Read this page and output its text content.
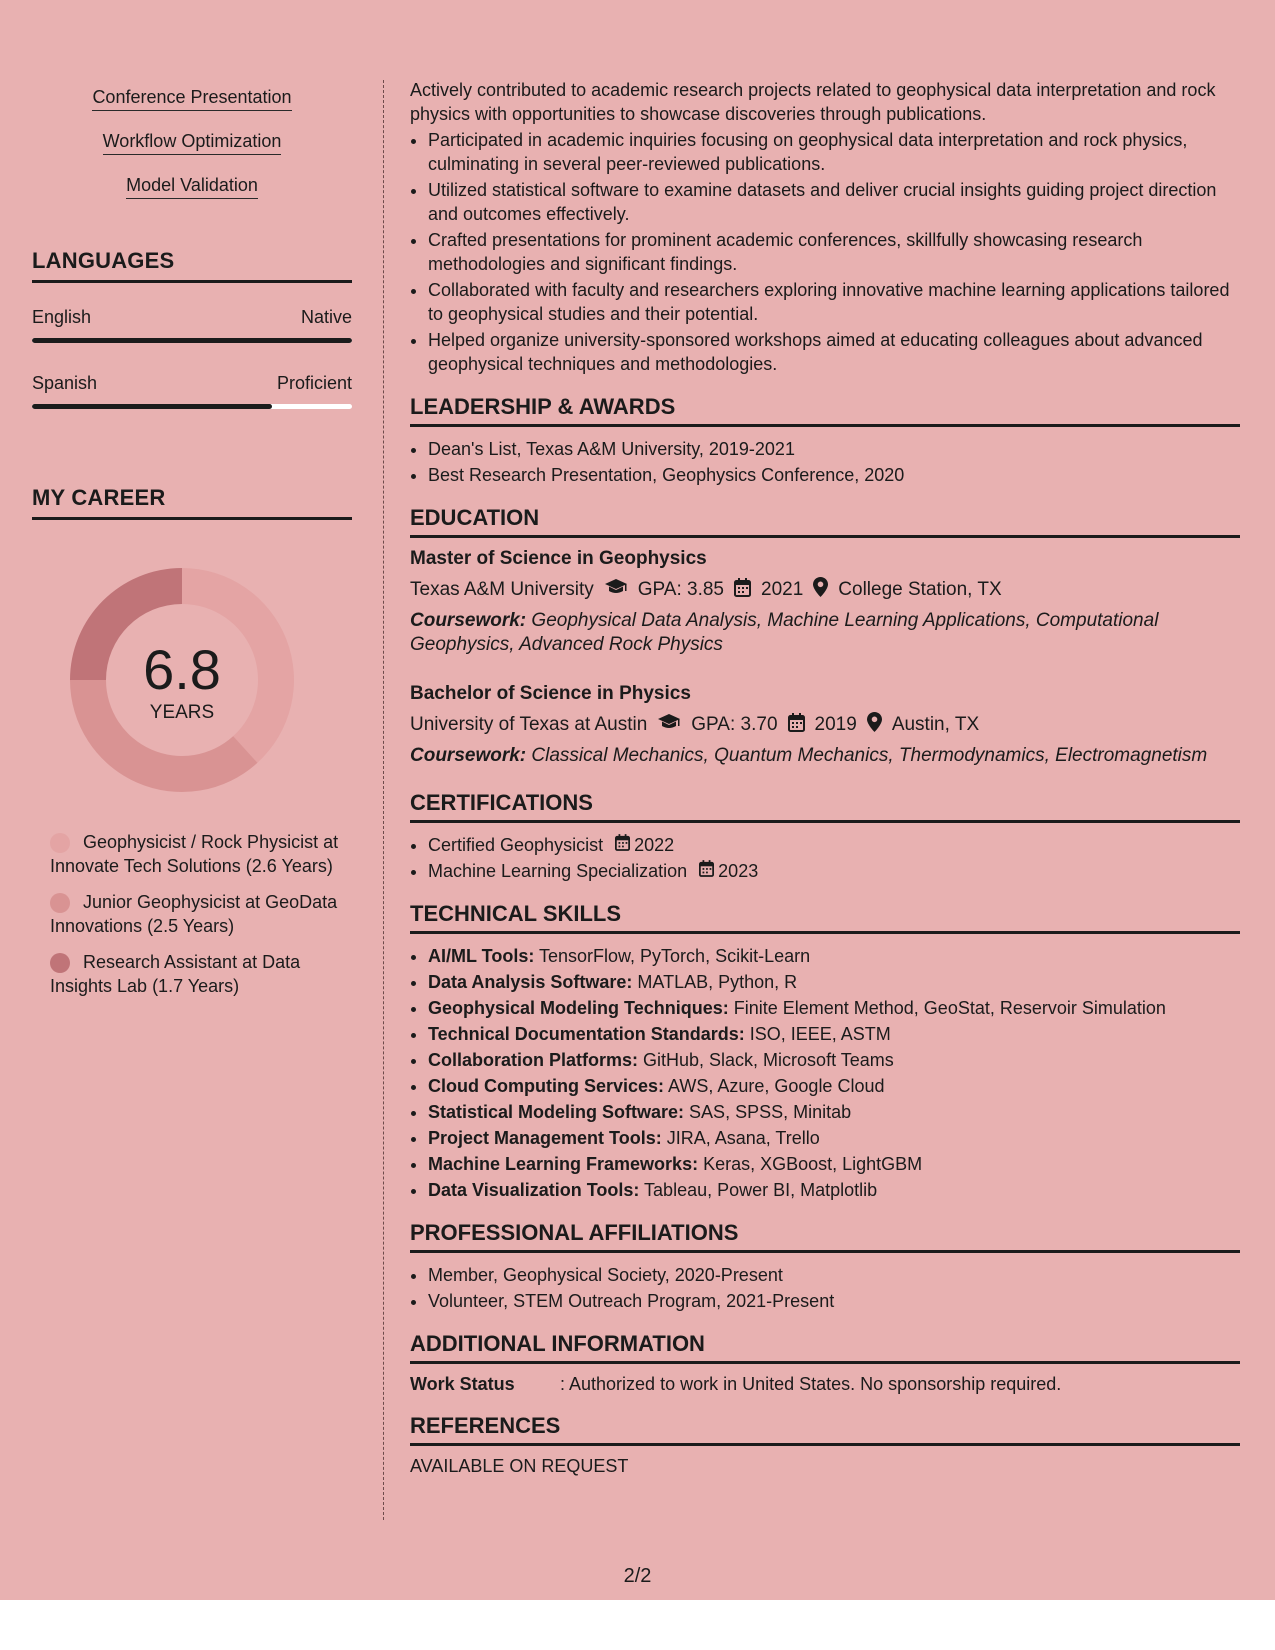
Conference Presentation
Workflow Optimization
Model Validation
LANGUAGES
English	Native
Spanish	Proficient
MY CAREER
6.8
YEARS
Geophysicist / Rock Physicist at Innovate Tech Solutions (2.6 Years)
Junior Geophysicist at GeoData Innovations (2.5 Years)
Research Assistant at Data Insights Lab (1.7 Years)

Actively contributed to academic research projects related to geophysical data interpretation and rock physics with opportunities to showcase discoveries through publications.

• Participated in academic inquiries focusing on geophysical data interpretation and rock physics, culminating in several peer-reviewed publications.
• Utilized statistical software to examine datasets and deliver crucial insights guiding project direction and outcomes effectively.
• Crafted presentations for prominent academic conferences, skillfully showcasing research methodologies and significant findings.
• Collaborated with faculty and researchers exploring innovative machine learning applications tailored to geophysical studies and their potential.
• Helped organize university-sponsored workshops aimed at educating colleagues about advanced geophysical techniques and methodologies.
LEADERSHIP & AWARDS
• Dean's List, Texas A&M University, 2019-2021
• Best Research Presentation, Geophysics Conference, 2020
EDUCATION
Master of Science in Geophysics
Texas A&M University GPA: 3.85 2021 College Station, TX
Coursework: Geophysical Data Analysis, Machine Learning Applications, Computational Geophysics, Advanced Rock Physics
Bachelor of Science in Physics
University of Texas at Austin GPA: 3.70 2019 Austin, TX
Coursework: Classical Mechanics, Quantum Mechanics, Thermodynamics, Electromagnetism
CERTIFICATIONS
• Certified Geophysicist 2022
• Machine Learning Specialization 2023
TECHNICAL SKILLS
• AI/ML Tools: TensorFlow, PyTorch, Scikit-Learn
• Data Analysis Software: MATLAB, Python, R
• Geophysical Modeling Techniques: Finite Element Method, GeoStat, Reservoir Simulation
• Technical Documentation Standards: ISO, IEEE, ASTM
• Collaboration Platforms: GitHub, Slack, Microsoft Teams
• Cloud Computing Services: AWS, Azure, Google Cloud
• Statistical Modeling Software: SAS, SPSS, Minitab
• Project Management Tools: JIRA, Asana, Trello
• Machine Learning Frameworks: Keras, XGBoost, LightGBM
• Data Visualization Tools: Tableau, Power BI, Matplotlib
PROFESSIONAL AFFILIATIONS
• Member, Geophysical Society, 2020-Present
• Volunteer, STEM Outreach Program, 2021-Present
ADDITIONAL INFORMATION
Work Status	: Authorized to work in United States. No sponsorship required.
REFERENCES
AVAILABLE ON REQUEST
2/2
